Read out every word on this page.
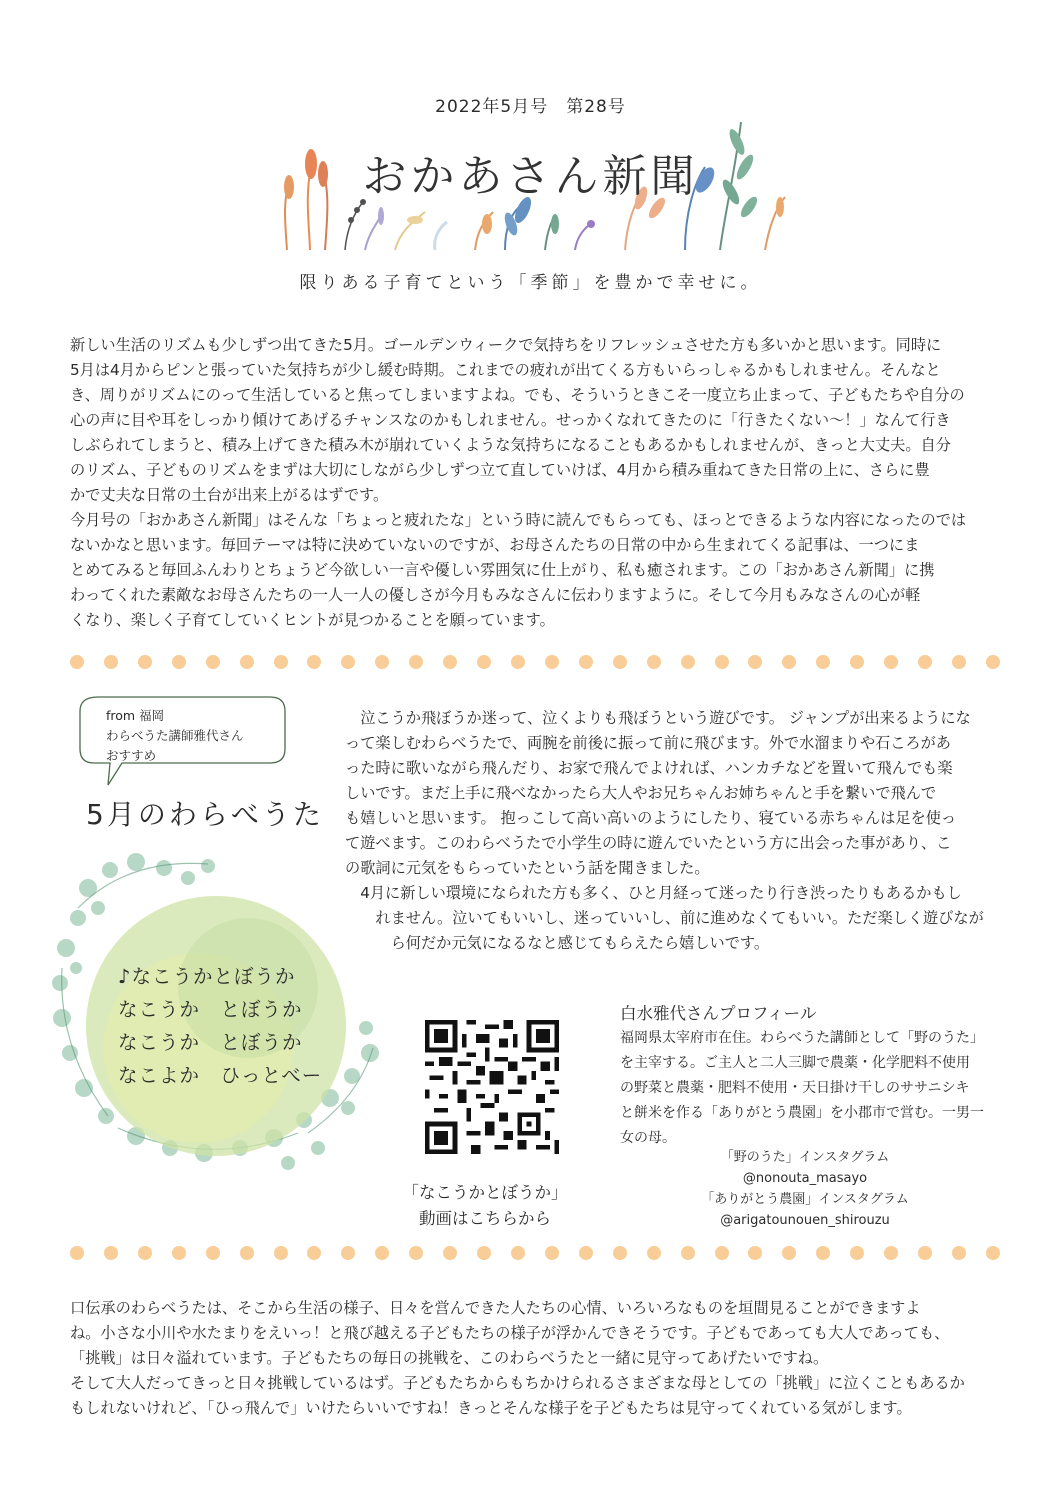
2022年5月号　第28号
おかあさん新聞
限りある子育てという「季節」を豊かで幸せに。
新しい生活のリズムも少しずつ出てきた5月。ゴールデンウィークで気持ちをリフレッシュさせた方も多いかと思います。同時に
5月は4月からピンと張っていた気持ちが少し緩む時期。これまでの疲れが出てくる方もいらっしゃるかもしれません。そんなと
き、周りがリズムにのって生活していると焦ってしまいますよね。でも、そういうときこそ一度立ち止まって、子どもたちや自分の
心の声に目や耳をしっかり傾けてあげるチャンスなのかもしれません。せっかくなれてきたのに「行きたくない〜！」なんて行き
しぶられてしまうと、積み上げてきた積み木が崩れていくような気持ちになることもあるかもしれませんが、きっと大丈夫。自分
のリズム、子どものリズムをまずは大切にしながら少しずつ立て直していけば、4月から積み重ねてきた日常の上に、さらに豊
かで丈夫な日常の土台が出来上がるはずです。
今月号の「おかあさん新聞」はそんな「ちょっと疲れたな」という時に読んでもらっても、ほっとできるような内容になったのでは
ないかなと思います。毎回テーマは特に決めていないのですが、お母さんたちの日常の中から生まれてくる記事は、一つにま
とめてみると毎回ふんわりとちょうど今欲しい一言や優しい雰囲気に仕上がり、私も癒されます。この「おかあさん新聞」に携
わってくれた素敵なお母さんたちの一人一人の優しさが今月もみなさんに伝わりますように。そして今月もみなさんの心が軽
くなり、楽しく子育てしていくヒントが見つかることを願っています。
from 福岡
わらべうた講師雅代さん
おすすめ
5月のわらべうた
♪なこうかとぼうか
なこうか　とぼうか
なこうか　とぼうか
なこよか　ひっとべー

　泣こうか飛ぼうか迷って、泣くよりも飛ぼうという遊びです。 ジャンプが出来るようにな

って楽しむわらべうたで、両腕を前後に振って前に飛びます。外で水溜まりや石ころがあ

った時に歌いながら飛んだり、お家で飛んでよければ、ハンカチなどを置いて飛んでも楽

しいです。まだ上手に飛べなかったら大人やお兄ちゃんお姉ちゃんと手を繋いで飛んで

も嬉しいと思います。 抱っこして高い高いのようにしたり、寝ている赤ちゃんは足を使っ

て遊べます。このわらべうたで小学生の時に遊んでいたという方に出会った事があり、こ

の歌詞に元気をもらっていたという話を聞きました。

　4月に新しい環境になられた方も多く、ひと月経って迷ったり行き渋ったりもあるかもし

　　れません。泣いてもいいし、迷っていいし、前に進めなくてもいい。ただ楽しく遊びなが

　　　ら何だか元気になるなと感じてもらえたら嬉しいです。

「なこうかとぼうか」
動画はこちらから
白水雅代さんプロフィール
福岡県太宰府市在住。わらべうた講師として「野のうた」
を主宰する。ご主人と二人三脚で農薬・化学肥料不使用
の野菜と農薬・肥料不使用・天日掛け干しのササニシキ
と餅米を作る「ありがとう農園」を小郡市で営む。一男一
女の母。
「野のうた」インスタグラム
@nonouta_masayo
「ありがとう農園」インスタグラム
@arigatounouen_shirouzu
口伝承のわらべうたは、そこから生活の様子、日々を営んできた人たちの心情、いろいろなものを垣間見ることができますよ
ね。小さな小川や水たまりをえいっ！と飛び越える子どもたちの様子が浮かんできそうです。子どもであっても大人であっても、
「挑戦」は日々溢れています。子どもたちの毎日の挑戦を、このわらべうたと一緒に見守ってあげたいですね。
そして大人だってきっと日々挑戦しているはず。子どもたちからもちかけられるさまざまな母としての「挑戦」に泣くこともあるか
もしれないけれど、「ひっ飛んで」いけたらいいですね！きっとそんな様子を子どもたちは見守ってくれている気がします。
